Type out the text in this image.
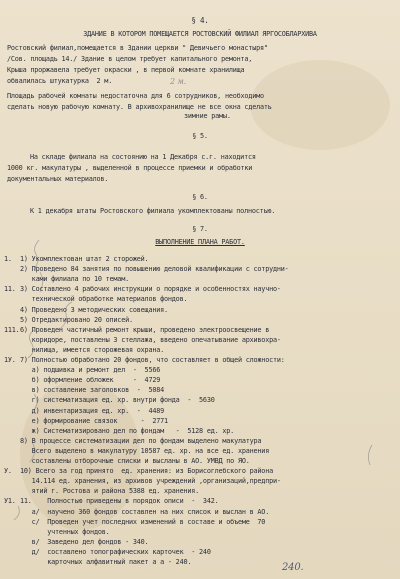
§ 4.
ЗДАНИЕ В КОТОРОМ ПОМЕЩАЕТСЯ РОСТОВСКИЙ ФИЛИАЛ ЯРГОСОБЛАРХИВА
Ростовский филиал,помещается в Здании церкви " Девичьего монастыря"
/Сов. площадь 14./ Здание в целом требует капитального ремонта,
Крыша проржавела требует окраски , в первой комнате хранилища
обвалилась штукатурка  2 м.
Площадь рабочей комнаты недостаточна для 6 сотрудников, необходимо
сделать новую рабочую комнату. В архивохранилище не все окна сделать
зимние рамы.
§ 5.
На складе филиала на состоянию на 1 Декабря с.г. находится
1000 кг. макулатуры , выделенной в процессе приемки и обработки
документальных материалов.
§ 6.
К 1 декабря штаты Ростовского филиала укомплектованы полностью.
§ 7.
ВЫПОЛНЕНИЕ ПЛАНА РАБОТ.
2 м.
240.
1. 1) Укомплектован штат 2 сторожей.
2) Проведено 84 занятия по повышению деловой квалификации с сотрудни-
ками филиала по 10 темам.
11. 3) Составлено 4 рабочих инструкции о порядке и особенностях научно-
технической обработке материалов фондов.
4) Проведено 3 методических совещания.
5) Отредактировано 20 описей.
111. 6) Проведен частичный ремонт крыши, проведено электроосвещение в
коридоре, поставлены 3 стеллажа, введено опечатывание архивохра-
нилища, имеется сторожевая охрана.
1У. 7) Полностью обработано 20 фондов, что составляет в общей сложности:
а) подшивка и ремонт дел  -  5566
б) оформление обложек     -  4729
в) составление заголовков  -  5084
г) систематизация ед. хр. внутри фонда  -  5630
д) инвентаризация ед. хр.  -  4489
е) формирование связок      -  2771
ж) Систематизировано дел по фондам   -  5128 ед. хр.
8) В процессе систематизации дел по фондам выделено макулатура
Всего выделено в макулатуру 10587 ед. хр. на все ед. хранения
составлены отборочные списки и высланы в АО. УМВД по ЯО.
У. 10) Всего за год принято  ед. хранения: из Борисоглебского района
14.114 ед. хранения, из архивов учреждений ,организаций,предпри-
ятий г. Ростова и района 5388 ед. хранения.
У1. 11.    Полностью приведены в порядок описи  -  342.
а/  научено 360 фондов составлен на них список и выслан в АО.
с/  Проведен учет последних изменений в составе и объеме  70
учтенных фондов.
в/  Заведено дел фондов - 340.
д/  составлено топографических карточек  - 240
карточных алфавитный пакет а а - 240.
